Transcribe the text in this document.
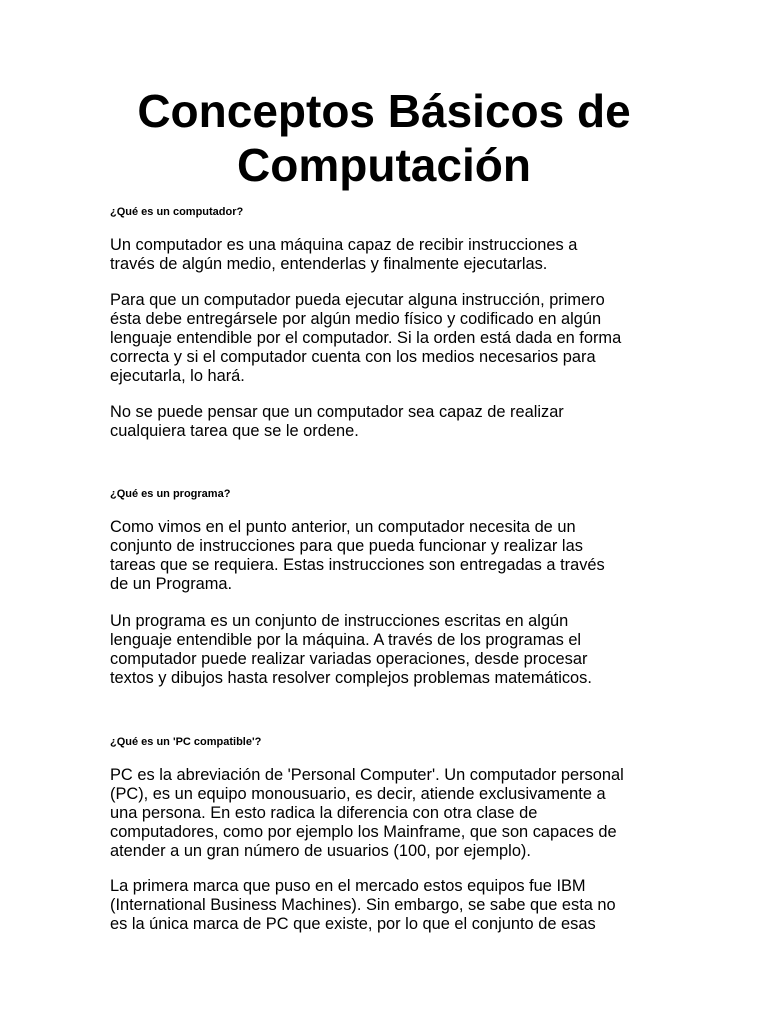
Conceptos Básicos de
Computación
¿Qué es un computador?

Un computador es una máquina capaz de recibir instrucciones a
través de algún medio, entenderlas y finalmente ejecutarlas.

Para que un computador pueda ejecutar alguna instrucción, primero
ésta debe entregársele por algún medio físico y codificado en algún
lenguaje entendible por el computador. Si la orden está dada en forma
correcta y si el computador cuenta con los medios necesarios para
ejecutarla, lo hará.

No se puede pensar que un computador sea capaz de realizar
cualquiera tarea que se le ordene.

¿Qué es un programa?

Como vimos en el punto anterior, un computador necesita de un
conjunto de instrucciones para que pueda funcionar y realizar las
tareas que se requiera. Estas instrucciones son entregadas a través
de un Programa.

Un programa es un conjunto de instrucciones escritas en algún
lenguaje entendible por la máquina. A través de los programas el
computador puede realizar variadas operaciones, desde procesar
textos y dibujos hasta resolver complejos problemas matemáticos.

¿Qué es un 'PC compatible'?

PC es la abreviación de 'Personal Computer'. Un computador personal
(PC), es un equipo monousuario, es decir, atiende exclusivamente a
una persona. En esto radica la diferencia con otra clase de
computadores, como por ejemplo los Mainframe, que son capaces de
atender a un gran número de usuarios (100, por ejemplo).

La primera marca que puso en el mercado estos equipos fue IBM
(International Business Machines). Sin embargo, se sabe que esta no
es la única marca de PC que existe, por lo que el conjunto de esas
